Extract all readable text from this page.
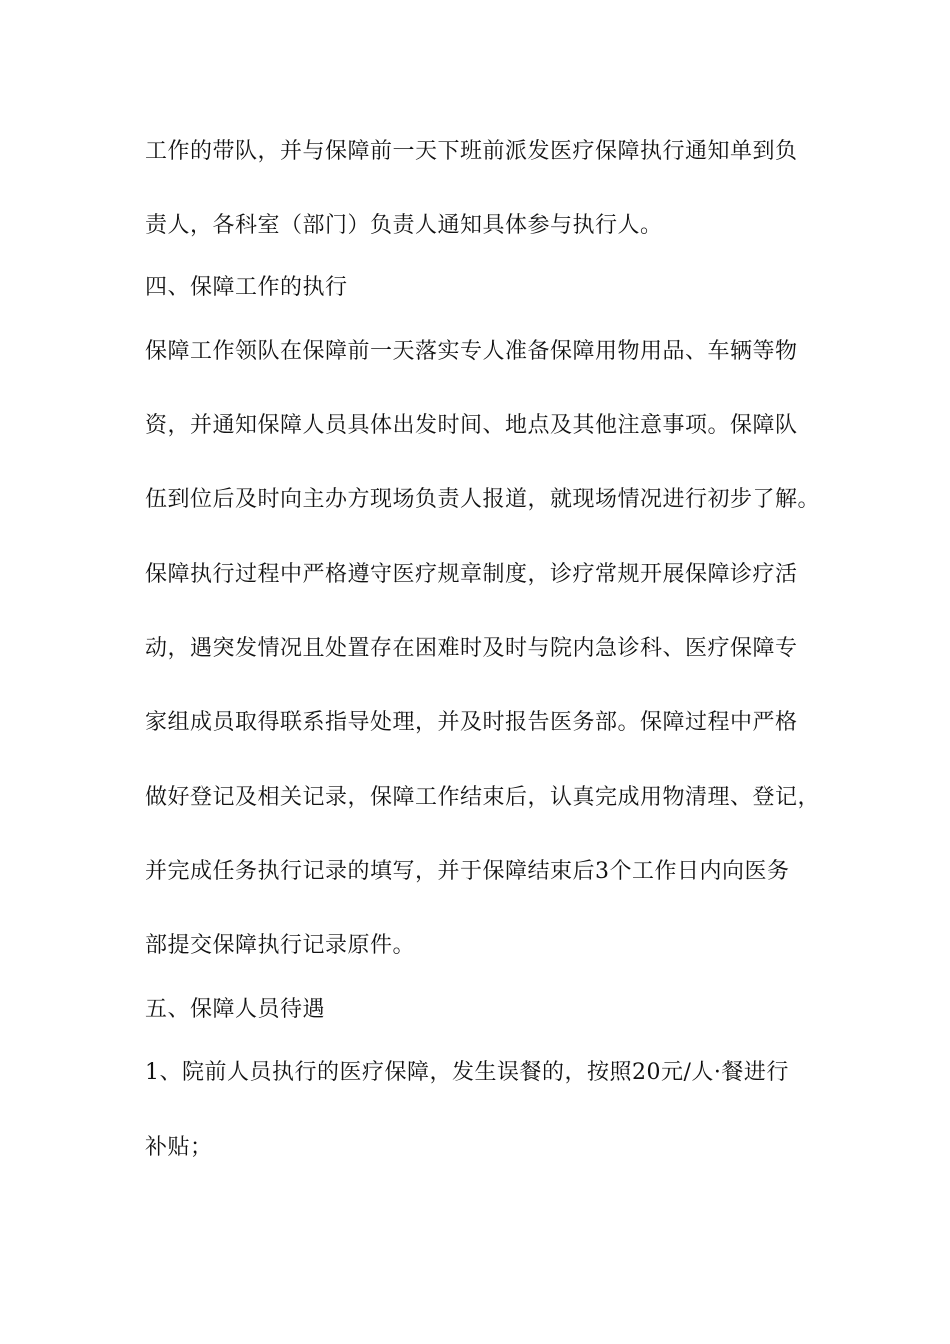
工作的带队，并与保障前一天下班前派发医疗保障执行通知单到负
责人，各科室（部门）负责人通知具体参与执行人。
四、保障工作的执行
保障工作领队在保障前一天落实专人准备保障用物用品、车辆等物
资，并通知保障人员具体出发时间、地点及其他注意事项。保障队
伍到位后及时向主办方现场负责人报道，就现场情况进行初步了解。
保障执行过程中严格遵守医疗规章制度，诊疗常规开展保障诊疗活
动，遇突发情况且处置存在困难时及时与院内急诊科、医疗保障专
家组成员取得联系指导处理，并及时报告医务部。保障过程中严格
做好登记及相关记录，保障工作结束后，认真完成用物清理、登记，
并完成任务执行记录的填写，并于保障结束后3个工作日内向医务
部提交保障执行记录原件。
五、保障人员待遇
1、院前人员执行的医疗保障，发生误餐的，按照20元/人·餐进行
补贴；
